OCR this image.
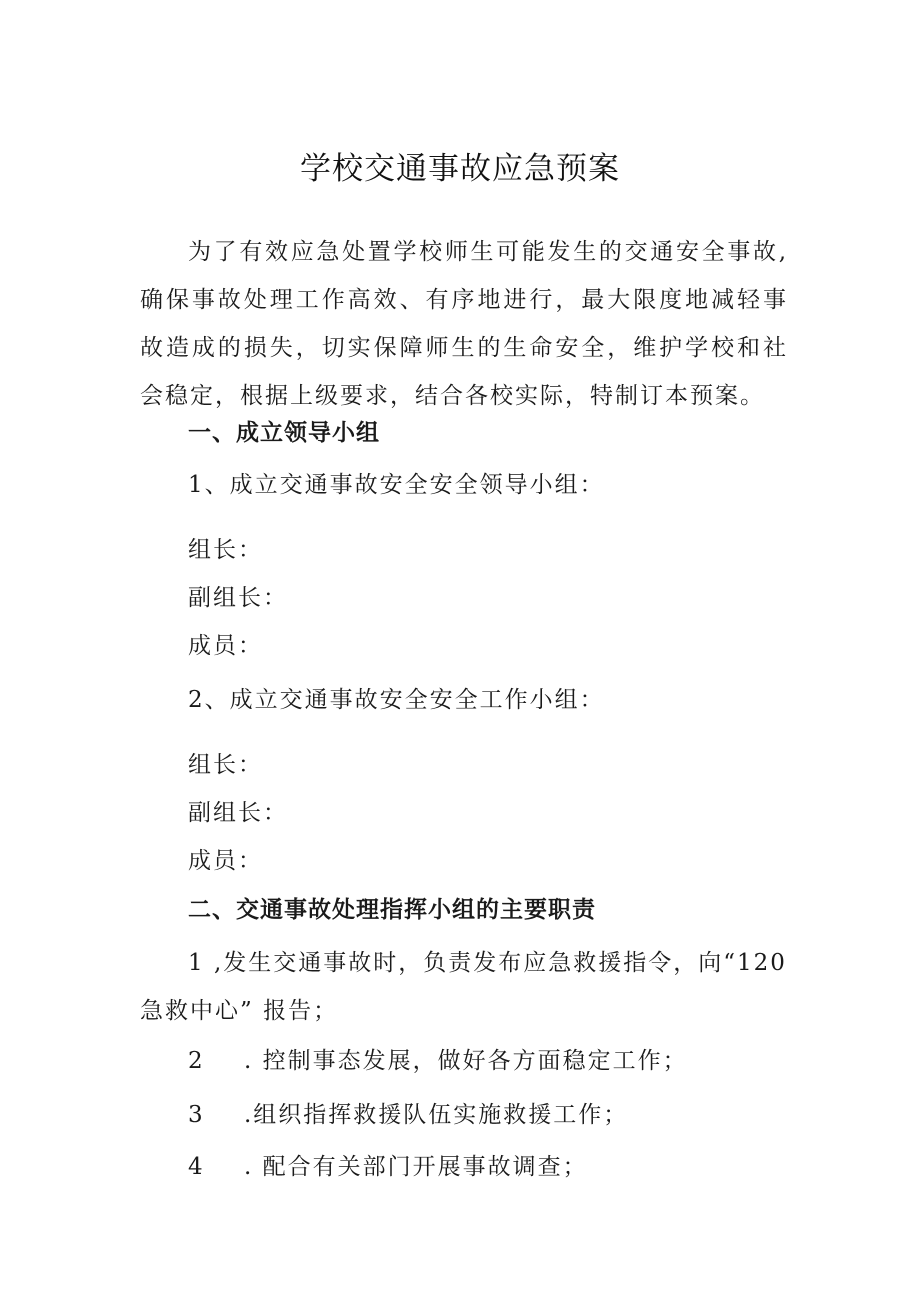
学校交通事故应急预案
为了有效应急处置学校师生可能发生的交通安全事故,确保事故处理工作高效、有序地进行，最大限度地减轻事故造成的损失，切实保障师生的生命安全，维护学校和社会稳定，根据上级要求，结合各校实际，特制订本预案。
一、成立领导小组
1、成立交通事故安全安全领导小组：
组长：
副组长：
成员：
2、成立交通事故安全安全工作小组：
组长：
副组长：
成员：
二、交通事故处理指挥小组的主要职责
1 ,发生交通事故时，负责发布应急救援指令，向“120急救中心” 报告；
2 . 控制事态发展，做好各方面稳定工作；
3 .组织指挥救援队伍实施救援工作；
4 . 配合有关部门开展事故调查；
